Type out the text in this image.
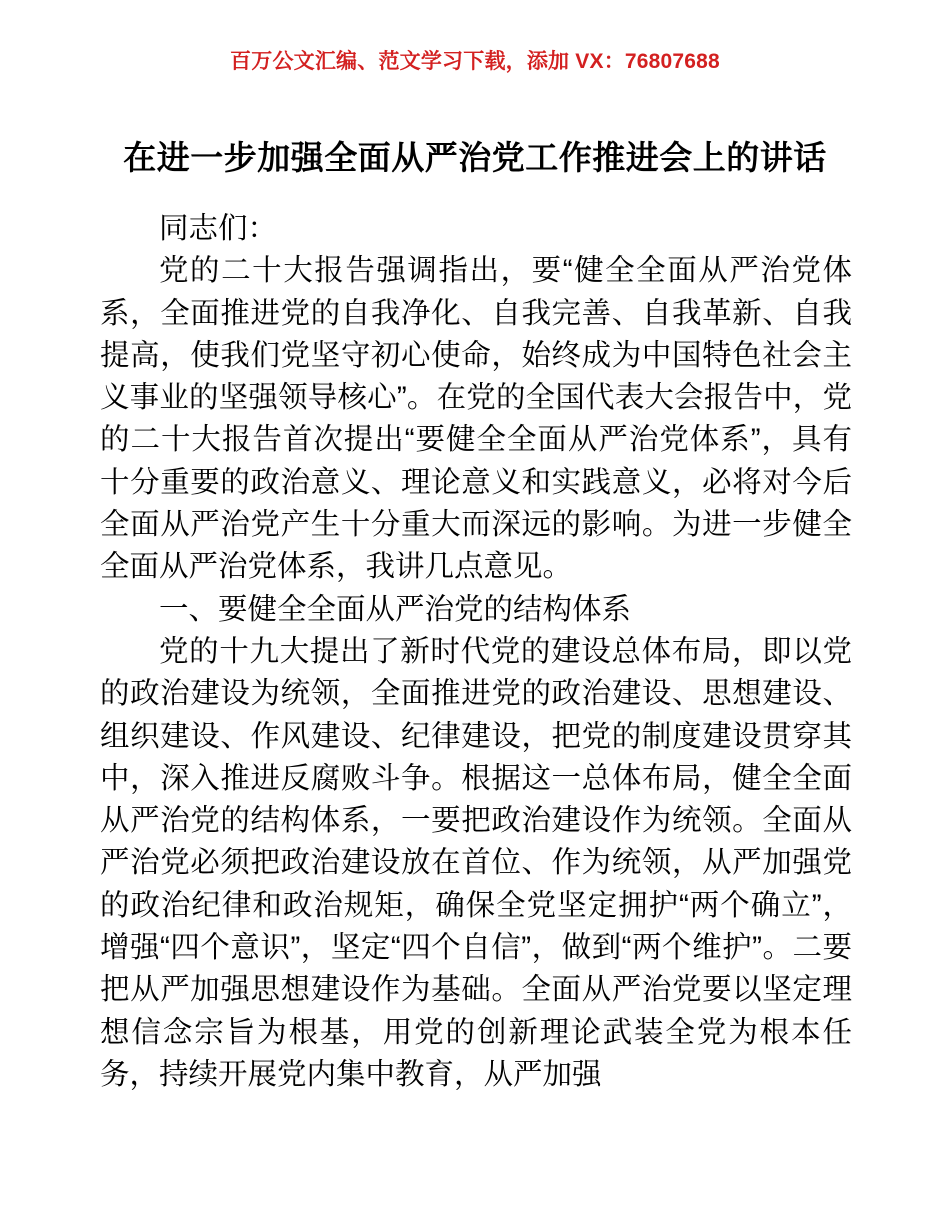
百万公文汇编、范文学习下载，添加 VX：76807688
在进一步加强全面从严治党工作推进会上的讲话

同志们：

党的二十大报告强调指出，要“健全全面从严治党体系，全面推进党的自我净化、自我完善、自我革新、自我提高，使我们党坚守初心使命，始终成为中国特色社会主义事业的坚强领导核心”。在党的全国代表大会报告中，党的二十大报告首次提出“要健全全面从严治党体系”，具有十分重要的政治意义、理论意义和实践意义，必将对今后全面从严治党产生十分重大而深远的影响。为进一步健全全面从严治党体系，我讲几点意见。

一、要健全全面从严治党的结构体系

党的十九大提出了新时代党的建设总体布局，即以党的政治建设为统领，全面推进党的政治建设、思想建设、组织建设、作风建设、纪律建设，把党的制度建设贯穿其中，深入推进反腐败斗争。根据这一总体布局，健全全面从严治党的结构体系，一要把政治建设作为统领。全面从严治党必须把政治建设放在首位、作为统领，从严加强党的政治纪律和政治规矩，确保全党坚定拥护“两个确立”，增强“四个意识”，坚定“四个自信”，做到“两个维护”。二要把从严加强思想建设作为基础。全面从严治党要以坚定理想信念宗旨为根基，用党的创新理论武装全党为根本任务，持续开展党内集中教育，从严加强
